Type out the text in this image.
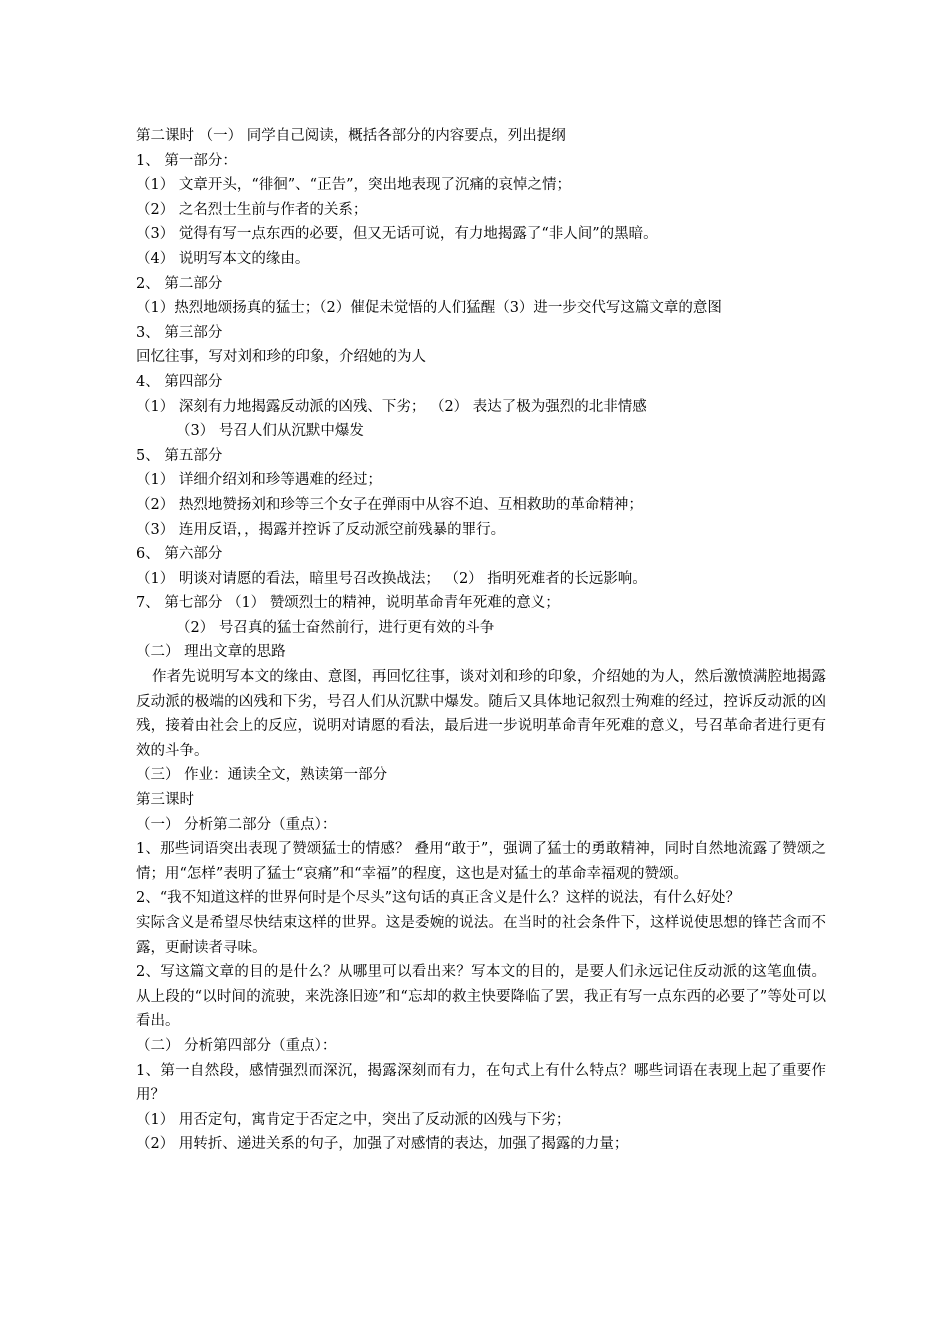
第二课时 （一） 同学自己阅读，概括各部分的内容要点，列出提纲
1、 第一部分：
（1） 文章开头，“徘徊”、“正告”，突出地表现了沉痛的哀悼之情；
（2） 之名烈士生前与作者的关系；
（3） 觉得有写一点东西的必要，但又无话可说，有力地揭露了“非人间”的黑暗。
（4） 说明写本文的缘由。
2、 第二部分
（1）热烈地颂扬真的猛士；（2）催促未觉悟的人们猛醒（3）进一步交代写这篇文章的意图
3、 第三部分
回忆往事，写对刘和珍的印象，介绍她的为人
4、 第四部分
（1） 深刻有力地揭露反动派的凶残、下劣； （2） 表达了极为强烈的北非情感
（3） 号召人们从沉默中爆发
5、 第五部分
（1） 详细介绍刘和珍等遇难的经过；
（2） 热烈地赞扬刘和珍等三个女子在弹雨中从容不迫、互相救助的革命精神；
（3） 连用反语，，揭露并控诉了反动派空前残暴的罪行。
6、 第六部分
（1） 明谈对请愿的看法，暗里号召改换战法； （2） 指明死难者的长远影响。
7、 第七部分 （1） 赞颂烈士的精神，说明革命青年死难的意义；
（2） 号召真的猛士奋然前行，进行更有效的斗争
（二） 理出文章的思路
作者先说明写本文的缘由、意图，再回忆往事，谈对刘和珍的印象，介绍她的为人，然后激愤满腔地揭露反动派的极端的凶残和下劣，号召人们从沉默中爆发。随后又具体地记叙烈士殉难的经过，控诉反动派的凶残，接着由社会上的反应，说明对请愿的看法，最后进一步说明革命青年死难的意义，号召革命者进行更有效的斗争。
（三） 作业：通读全文，熟读第一部分
第三课时
（一） 分析第二部分（重点）：
1、那些词语突出表现了赞颂猛士的情感？ 叠用“敢于”，强调了猛士的勇敢精神，同时自然地流露了赞颂之情；用“怎样”表明了猛士“哀痛”和“幸福”的程度，这也是对猛士的革命幸福观的赞颂。
2、“我不知道这样的世界何时是个尽头”这句话的真正含义是什么？这样的说法，有什么好处？
实际含义是希望尽快结束这样的世界。这是委婉的说法。在当时的社会条件下，这样说使思想的锋芒含而不露，更耐读者寻味。
2、写这篇文章的目的是什么？从哪里可以看出来？写本文的目的，是要人们永远记住反动派的这笔血债。从上段的“以时间的流驶，来洗涤旧迹”和“忘却的救主快要降临了罢，我正有写一点东西的必要了”等处可以看出。
（二） 分析第四部分（重点）：
1、第一自然段，感情强烈而深沉，揭露深刻而有力，在句式上有什么特点？哪些词语在表现上起了重要作用？
（1） 用否定句，寓肯定于否定之中，突出了反动派的凶残与下劣；
（2） 用转折、递进关系的句子，加强了对感情的表达，加强了揭露的力量；
